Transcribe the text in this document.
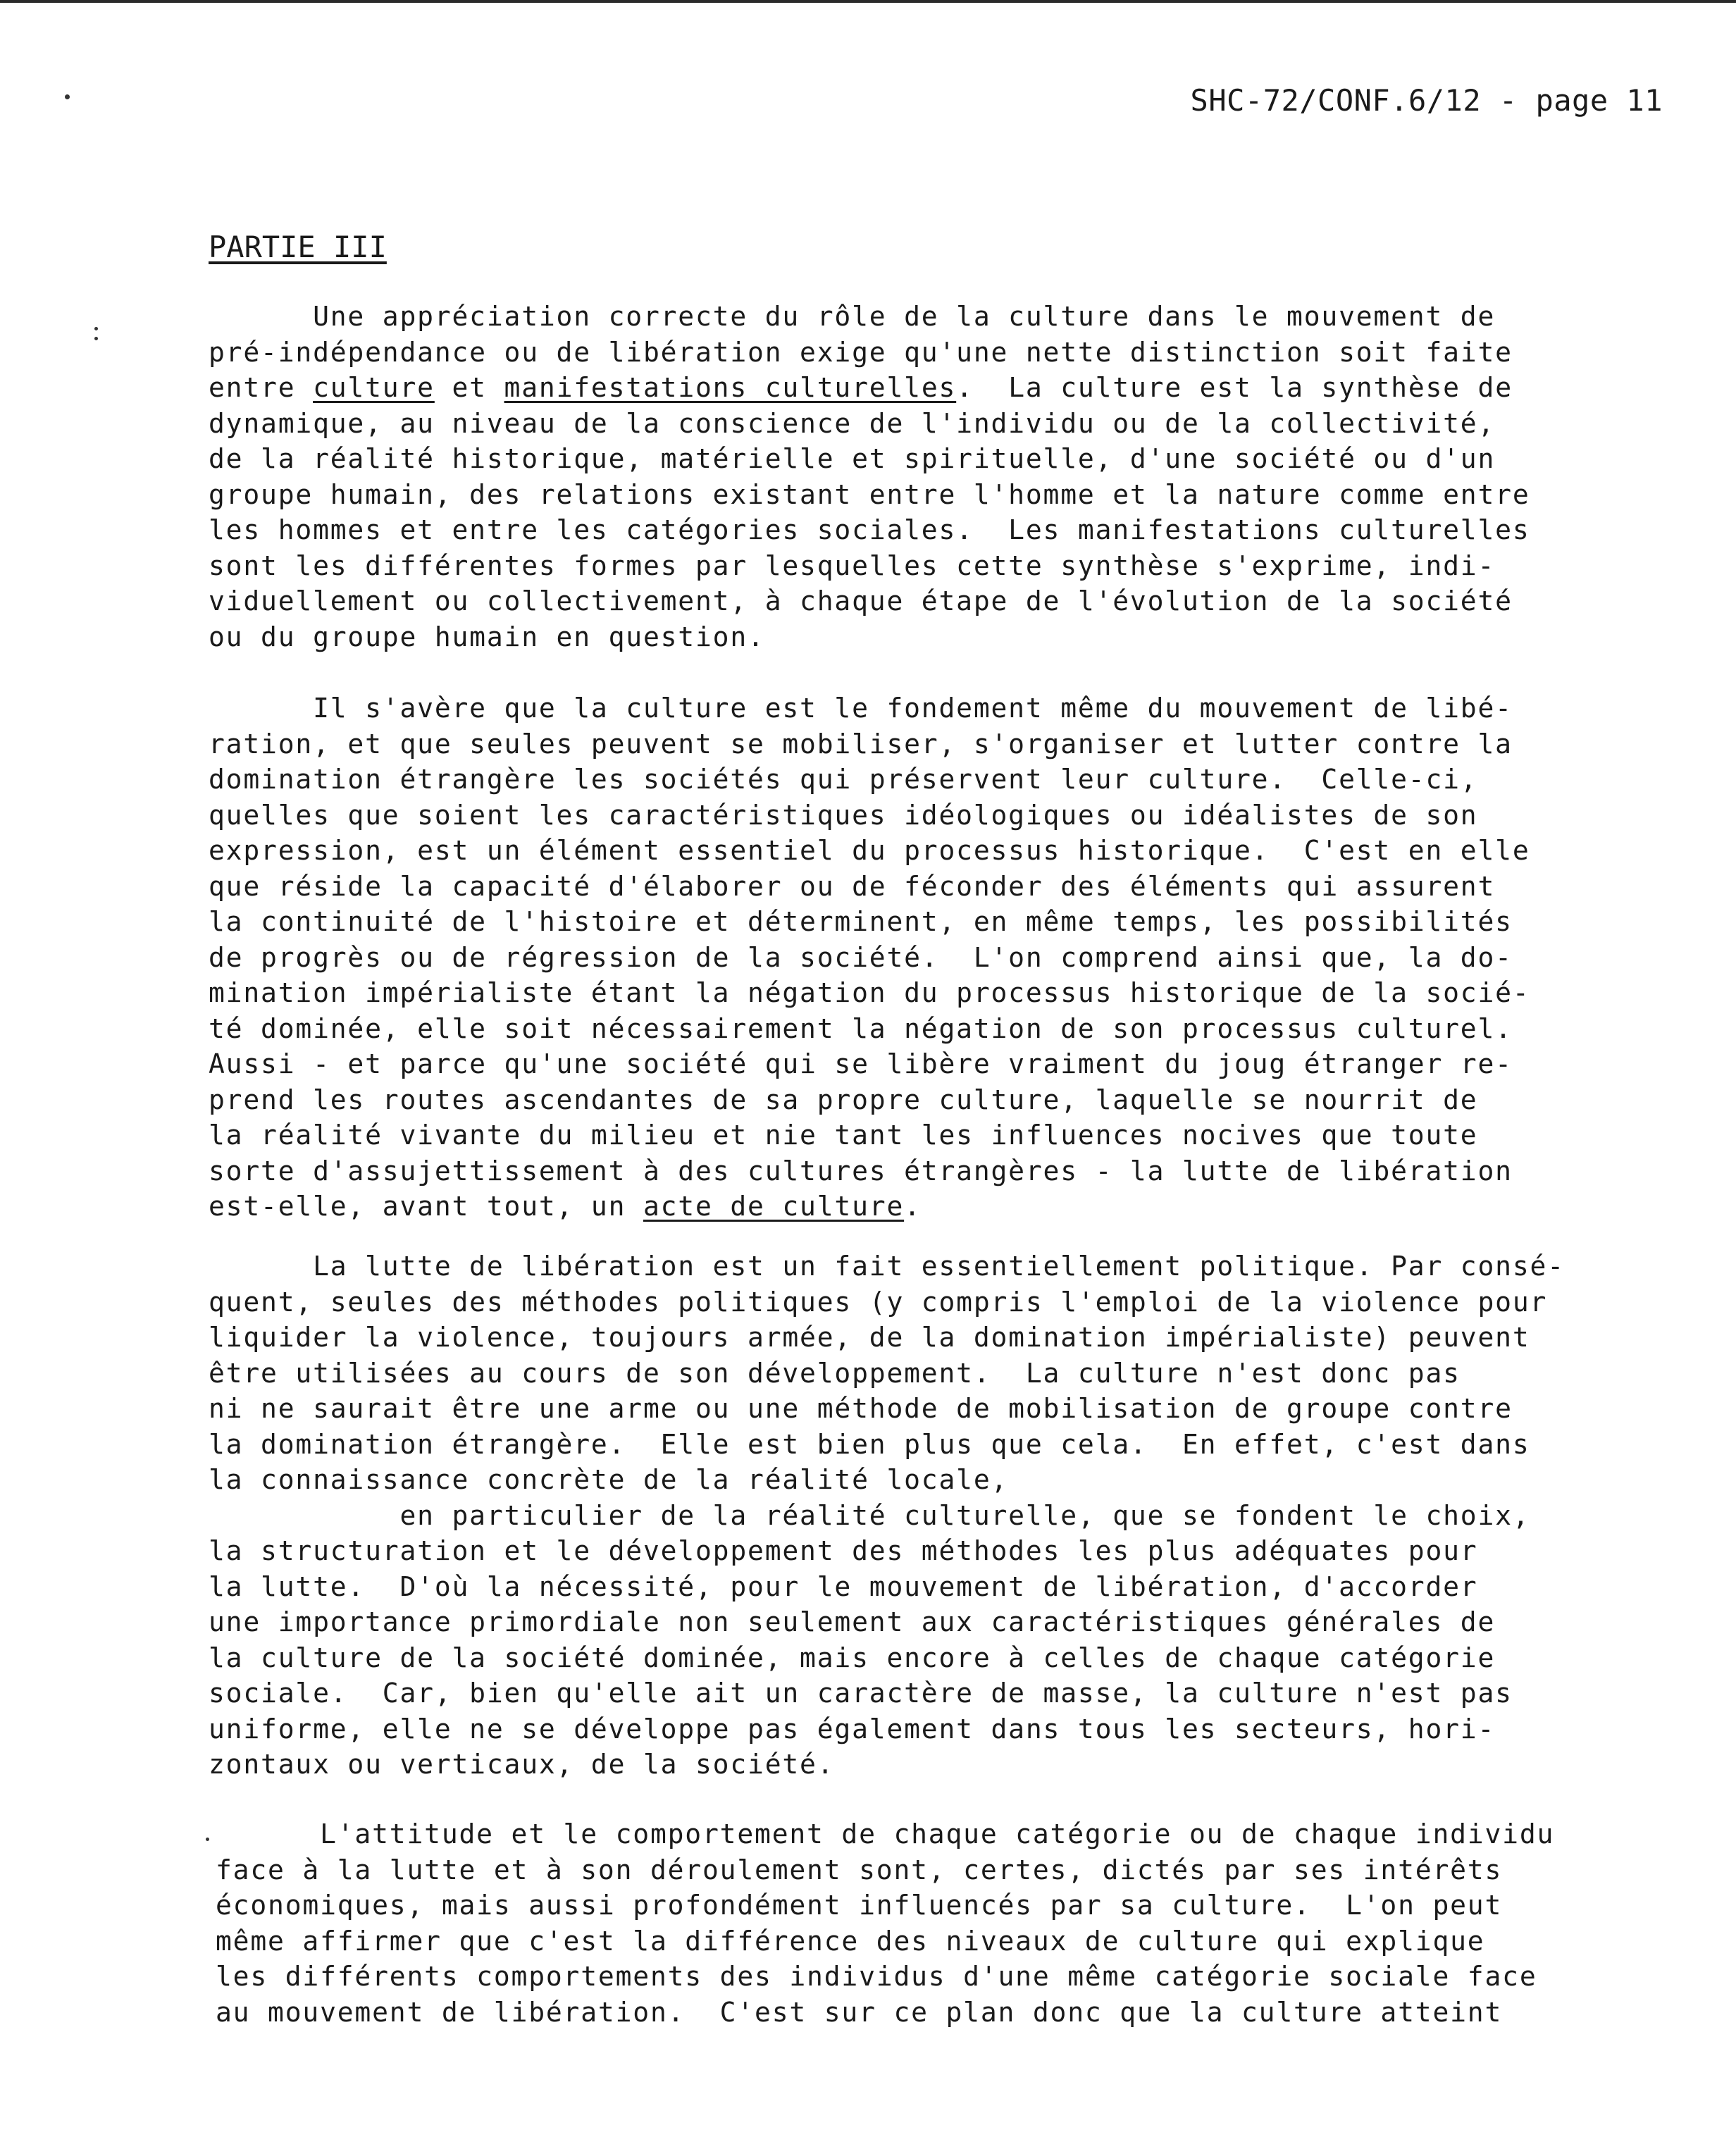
SHC-72/CONF.6/12 - page 11
PARTIE III
Une appréciation correcte du rôle de la culture dans le mouvement de
pré-indépendance ou de libération exige qu'une nette distinction soit faite
entre culture et manifestations culturelles.  La culture est la synthèse de
dynamique, au niveau de la conscience de l'individu ou de la collectivité,
de la réalité historique, matérielle et spirituelle, d'une société ou d'un
groupe humain, des relations existant entre l'homme et la nature comme entre
les hommes et entre les catégories sociales.  Les manifestations culturelles
sont les différentes formes par lesquelles cette synthèse s'exprime, indi-
viduellement ou collectivement, à chaque étape de l'évolution de la société
ou du groupe humain en question.
Il s'avère que la culture est le fondement même du mouvement de libé-
ration, et que seules peuvent se mobiliser, s'organiser et lutter contre la
domination étrangère les sociétés qui préservent leur culture.  Celle-ci,
quelles que soient les caractéristiques idéologiques ou idéalistes de son
expression, est un élément essentiel du processus historique.  C'est en elle
que réside la capacité d'élaborer ou de féconder des éléments qui assurent
la continuité de l'histoire et déterminent, en même temps, les possibilités
de progrès ou de régression de la société.  L'on comprend ainsi que, la do-
mination impérialiste étant la négation du processus historique de la socié-
té dominée, elle soit nécessairement la négation de son processus culturel.
Aussi - et parce qu'une société qui se libère vraiment du joug étranger re-
prend les routes ascendantes de sa propre culture, laquelle se nourrit de
la réalité vivante du milieu et nie tant les influences nocives que toute
sorte d'assujettissement à des cultures étrangères - la lutte de libération
est-elle, avant tout, un acte de culture.
La lutte de libération est un fait essentiellement politique. Par consé-
quent, seules des méthodes politiques (y compris l'emploi de la violence pour
liquider la violence, toujours armée, de la domination impérialiste) peuvent
être utilisées au cours de son développement.  La culture n'est donc pas
ni ne saurait être une arme ou une méthode de mobilisation de groupe contre
la domination étrangère.  Elle est bien plus que cela.  En effet, c'est dans
la connaissance concrète de la réalité locale,
en particulier de la réalité culturelle, que se fondent le choix,
la structuration et le développement des méthodes les plus adéquates pour
la lutte.  D'où la nécessité, pour le mouvement de libération, d'accorder
une importance primordiale non seulement aux caractéristiques générales de
la culture de la société dominée, mais encore à celles de chaque catégorie
sociale.  Car, bien qu'elle ait un caractère de masse, la culture n'est pas
uniforme, elle ne se développe pas également dans tous les secteurs, hori-
zontaux ou verticaux, de la société.
L'attitude et le comportement de chaque catégorie ou de chaque individu
face à la lutte et à son déroulement sont, certes, dictés par ses intérêts
économiques, mais aussi profondément influencés par sa culture.  L'on peut
même affirmer que c'est la différence des niveaux de culture qui explique
les différents comportements des individus d'une même catégorie sociale face
au mouvement de libération.  C'est sur ce plan donc que la culture atteint
